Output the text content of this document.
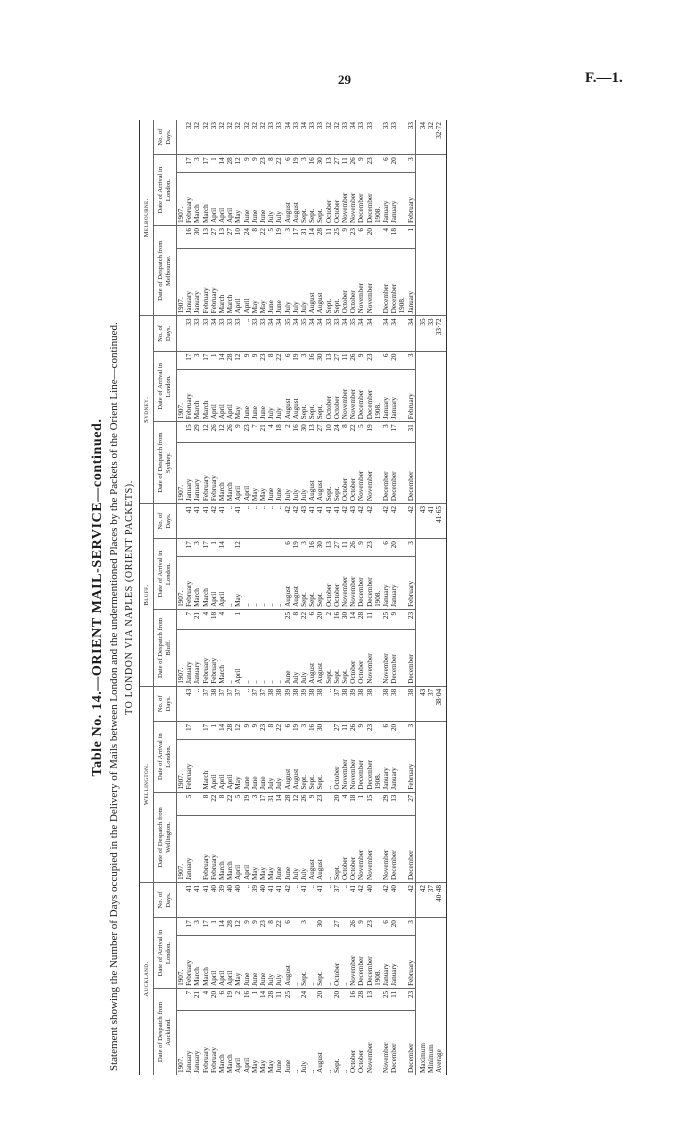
29	F.—1.
Table No. 14.—ORIENT MAIL-SERVICE—continued. Statement showing the Number of Days occupied in the Delivery of Mails between London and the undermentioned Places by the Packets of the Orient Line—continued. TO LONDON VIA NAPLES (ORIENT PACKETS).
Auckland.					Wellington.					Bluff.					Sydney.					Melbourne.				
Date of Despatch from Auckland.		Date of Arrival in London.		No. of Days.	Date of Despatch from Wellington.		Date of Arrival in London.		No. of Days.	Date of Despatch from Bluff.		Date of Arrival in London.		No. of Days.	Date of Despatch from Sydney.		Date of Arrival in London.		No. of Days.	Date of Despatch from Melbourne.		Date of Arrival in London.		No. of Days.
1907.		1907.			1907.		1907.			1907.		1907.			1907.		1907.			1907.		1907.		
January	7	February	17	41	January	5	February	17	43	January	7	February	17	41	January	15	February	17	33	January	16	February	17	32
January	21	March	3	41					..	January	21	March	3	41	January	29	March	3	33	January	30	March	3	32
February	4	March	17	41	February	8	March	17	37	February	4	March	17	41	February	12	March	17	33	February	13	March	17	32
February	20	April	1	40	February	22	April	1	38	February	18	April	1	42	February	26	April	1	34	February	27	April	1	33
March	6	April	14	39	March	8	April	14	37	March	4	April	14	41	March	12	April	14	33	March	13	April	14	32
March	19	April	28	40	March	22	April	28	37	..		..		..	March	26	April	28	33	March	27	April	28	32
April	2	May	12	40	April	5	May	12	37	April	1	May	12	41	April	9	May	12	33	April	10	May	12	32
April	16	June	9	..	April	19	June	9	..	..		..		..	April	23	June	9	..	April	24	June	9	32
May	1	June	9	39	May	3	June	9	37	..		..		..	May	7	June	9	33	May	8	June	9	32
May	14	June	23	40	May	17	June	23	37	..		..		..	May	21	June	23	33	May	22	June	23	32
May	28	July	8	41	May	31	July	8	38	..		..		..	June	4	July	8	34	June	5	July	8	33
June	11	July	22	41	June	14	July	22	38	..		..		..	June	18	July	22	34	June	19	July	22	33
June	25	August	6	42	June	28	August	6	39	June	25	August	6	42	July	2	August	6	35	July	3	August	6	34
..		..		..	July	12	August	19	38	July	8	August	19	42	July	16	August	19	34	July	17	August	19	33
July	24	Sept.	3	41	July	26	Sept.	3	39	July	22	Sept.	3	43	July	30	Sept.	3	35	July	31	Sept.	3	34
..		..		..	August	9	Sept.	16	38	August	6	Sept.	16	41	August	13	Sept.	16	34	August	14	Sept.	16	33
August	20	Sept.	30	41	August	23	Sept.	30	38	August	20	Sept.	30	41	August	27	Sept.	30	34	August	28	Sept.	30	33
..		..		..	..		..		..	Sept.	2	October	13	41	Sept.	10	October	13	33	Sept.	11	October	13	32
Sept.	20	October	27	37	Sept.	20	October	27	37	Sept.	16	October	27	41	Sept.	24	October	27	33	Sept.	25	October	27	32
..		..		..	October	4	November	11	38	Sept.	30	November	11	42	October	8	November	11	34	October	9	November	11	33
October	16	November	26	41	October	18	November	26	39	October	14	November	26	43	October	22	November	26	35	October	23	November	26	34
October	28	December	9	42	November	1	December	9	38	October	28	December	9	42	November	5	December	9	34	November	6	December	9	33
November	13	December	23	40	November	15	December	23	38	November	11	December	23	42	November	19	December	23	34	November	20	December	23	33
		1908.					1908.					1908.					1908.					1908.		
November	25	January	6	42	November	29	January	6	38	November	25	January	6	42	December	3	January	6	34	December	4	January	6	33
December	11	January	20	40	December	13	January	20	38	December	9	January	20	42	December	17	January	20	34	December	18	January	20	33
																				1908.				
December	23	February	3	42	December	27	February	3	38	December	23	February	3	42	December	31	February	3	34	January	1	February	3	33
Maximum				42					43					43					35					34
Minimum				37					37					41					33					32
Average				40·48					38·04					41·65					33·72					32·72
